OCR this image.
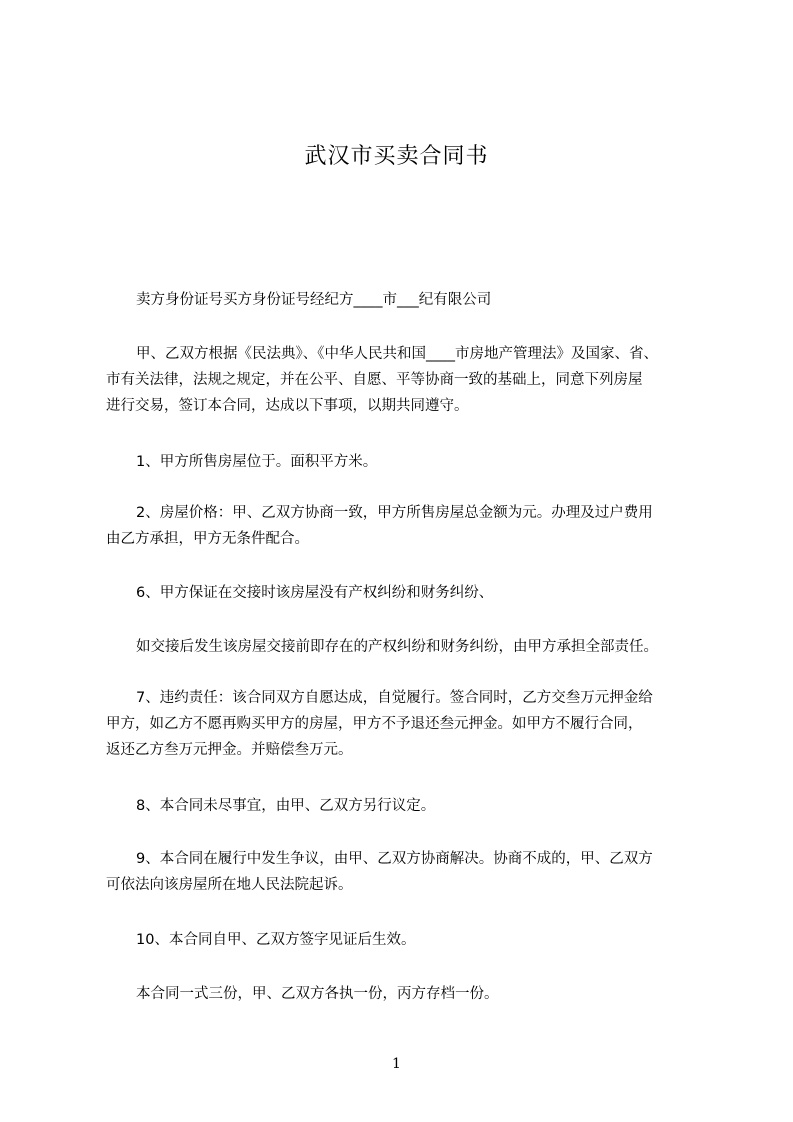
武汉市买卖合同书

卖方身份证号买方身份证号经纪方____市___纪有限公司

甲、乙双方根据《民法典》、《中华人民共和国____市房地产管理法》及国家、省、
市有关法律，法规之规定，并在公平、自愿、平等协商一致的基础上，同意下列房屋
进行交易，签订本合同，达成以下事项，以期共同遵守。

1、甲方所售房屋位于。面积平方米。

2、房屋价格：甲、乙双方协商一致，甲方所售房屋总金额为元。办理及过户费用
由乙方承担，甲方无条件配合。

6、甲方保证在交接时该房屋没有产权纠纷和财务纠纷、

如交接后发生该房屋交接前即存在的产权纠纷和财务纠纷，由甲方承担全部责任。

7、违约责任：该合同双方自愿达成，自觉履行。签合同时，乙方交叁万元押金给
甲方，如乙方不愿再购买甲方的房屋，甲方不予退还叁元押金。如甲方不履行合同，
返还乙方叁万元押金。并赔偿叁万元。

8、本合同未尽事宜，由甲、乙双方另行议定。

9、本合同在履行中发生争议，由甲、乙双方协商解决。协商不成的，甲、乙双方
可依法向该房屋所在地人民法院起诉。

10、本合同自甲、乙双方签字见证后生效。

本合同一式三份，甲、乙双方各执一份，丙方存档一份。

1
